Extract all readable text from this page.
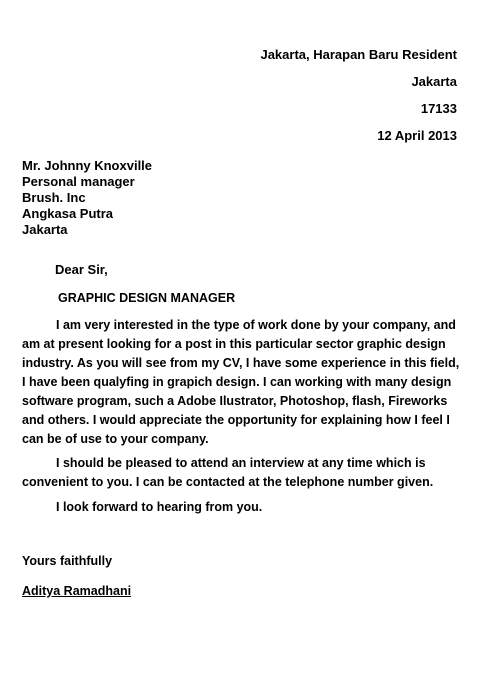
Jakarta, Harapan Baru Resident
Jakarta
17133
12 April 2013
Mr. Johnny Knoxville
Personal manager
Brush. Inc
Angkasa Putra
Jakarta
Dear Sir,
GRAPHIC DESIGN MANAGER

I am very interested in the type of work done by your company, and am at present looking for a post in this particular sector graphic design industry. As you will see from my CV, I have some experience in this field, I have been qualyfing in grapich design. I can working with many design software program, such a Adobe Ilustrator, Photoshop, flash, Fireworks and others. I would appreciate the opportunity for explaining how I feel I can be of use to your company.

I should be pleased to attend an interview at any time which is convenient to you. I can be contacted at the telephone number given.

I look forward to hearing from you.

Yours faithfully
Aditya Ramadhani
